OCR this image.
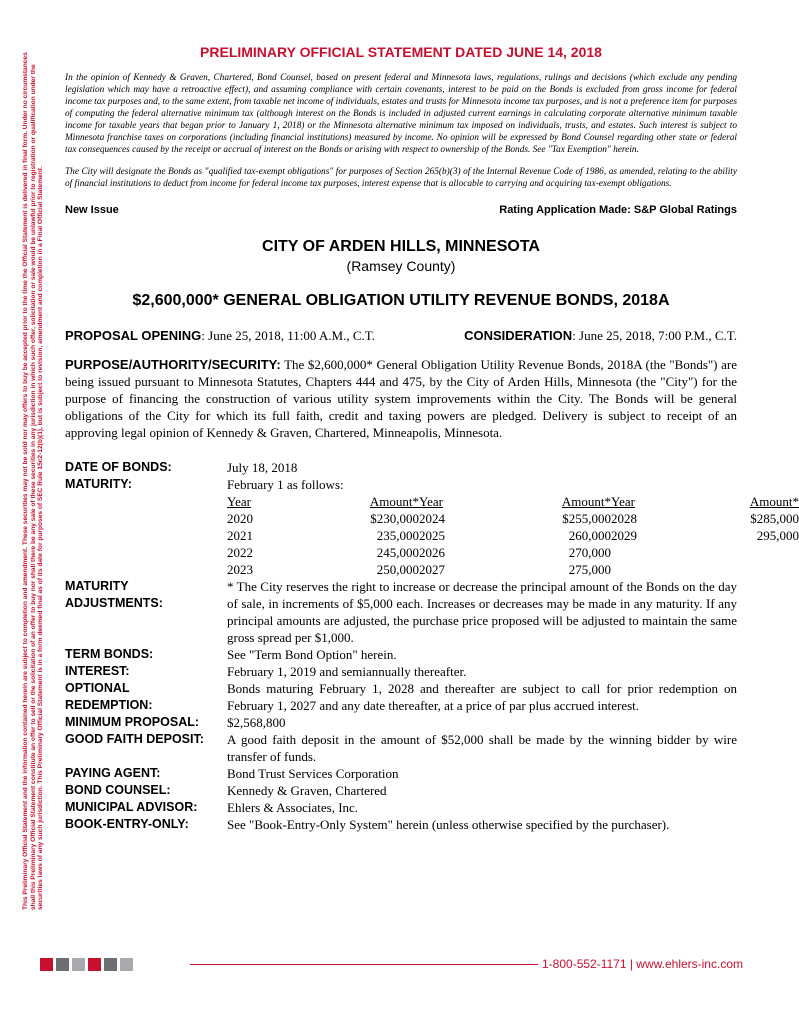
This Preliminary Official Statement and the information contained herein are subject to completion and amendment. These securities may not be sold nor may offers to buy be accepted prior to the time the Official Statement is delivered in final form. Under no circumstances shall this Preliminary Official Statement constitute an offer to sell or the solicitation of an offer to buy nor shall there be any sale of these securities in any jurisdiction in which such offer, solicitation or sale would be unlawful prior to registration or qualification under the securities laws of any such jurisdiction. This Preliminary Official Statement is in a form deemed final as of its date for purposes of SEC Rule 15c2-12(b)(1), but is subject to revision, amendment and completion in a Final Official Statement.
PRELIMINARY OFFICIAL STATEMENT DATED JUNE 14, 2018

In the opinion of Kennedy & Graven, Chartered, Bond Counsel, based on present federal and Minnesota laws, regulations, rulings and decisions (which exclude any pending legislation which may have a retroactive effect), and assuming compliance with certain covenants, interest to be paid on the Bonds is excluded from gross income for federal income tax purposes and, to the same extent, from taxable net income of individuals, estates and trusts for Minnesota income tax purposes, and is not a preference item for purposes of computing the federal alternative minimum tax (although interest on the Bonds is included in adjusted current earnings in calculating corporate alternative minimum taxable income for taxable years that began prior to January 1, 2018) or the Minnesota alternative minimum tax imposed on individuals, trusts, and estates. Such interest is subject to Minnesota franchise taxes on corporations (including financial institutions) measured by income. No opinion will be expressed by Bond Counsel regarding other state or federal tax consequences caused by the receipt or accrual of interest on the Bonds or arising with respect to ownership of the Bonds. See "Tax Exemption" herein.

The City will designate the Bonds as "qualified tax-exempt obligations" for purposes of Section 265(b)(3) of the Internal Revenue Code of 1986, as amended, relating to the ability of financial institutions to deduct from income for federal income tax purposes, interest expense that is allocable to carrying and acquiring tax-exempt obligations.

New Issue	Rating Application Made: S&P Global Ratings
CITY OF ARDEN HILLS, MINNESOTA
(Ramsey County)
$2,600,000* GENERAL OBLIGATION UTILITY REVENUE BONDS, 2018A
PROPOSAL OPENING: June 25, 2018, 11:00 A.M., C.T.	CONSIDERATION: June 25, 2018, 7:00 P.M., C.T.
PURPOSE/AUTHORITY/SECURITY: The $2,600,000* General Obligation Utility Revenue Bonds, 2018A (the "Bonds") are being issued pursuant to Minnesota Statutes, Chapters 444 and 475, by the City of Arden Hills, Minnesota (the "City") for the purpose of financing the construction of various utility system improvements within the City. The Bonds will be general obligations of the City for which its full faith, credit and taxing powers are pledged. Delivery is subject to receipt of an approving legal opinion of Kennedy & Graven, Chartered, Minneapolis, Minnesota.
DATE OF BONDS:	July 18, 2018
MATURITY:	February 1 as follows:
Year	Amount* Year	Amount* Year	Amount*
2020	$230,000 2024	$255,000 2028	$285,000
2021	235,000 2025	260,000 2029	295,000
2022	245,000 2026	270,000
2023	250,000 2027	275,000
MATURITY
ADJUSTMENTS:
* The City reserves the right to increase or decrease the principal amount of the Bonds on the day of sale, in increments of $5,000 each. Increases or decreases may be made in any maturity. If any principal amounts are adjusted, the purchase price proposed will be adjusted to maintain the same gross spread per $1,000.
TERM BONDS:	See "Term Bond Option" herein.
INTEREST:	February 1, 2019 and semiannually thereafter.
OPTIONAL
REDEMPTION:
Bonds maturing February 1, 2028 and thereafter are subject to call for prior redemption on February 1, 2027 and any date thereafter, at a price of par plus accrued interest.
MINIMUM PROPOSAL:	$2,568,800
GOOD FAITH DEPOSIT:	A good faith deposit in the amount of $52,000 shall be made by the winning bidder by wire transfer of funds.
PAYING AGENT:	Bond Trust Services Corporation
BOND COUNSEL:	Kennedy & Graven, Chartered
MUNICIPAL ADVISOR:	Ehlers & Associates, Inc.
BOOK-ENTRY-ONLY:	See "Book-Entry-Only System" herein (unless otherwise specified by the purchaser).
1-800-552-1171 | www.ehlers-inc.com
